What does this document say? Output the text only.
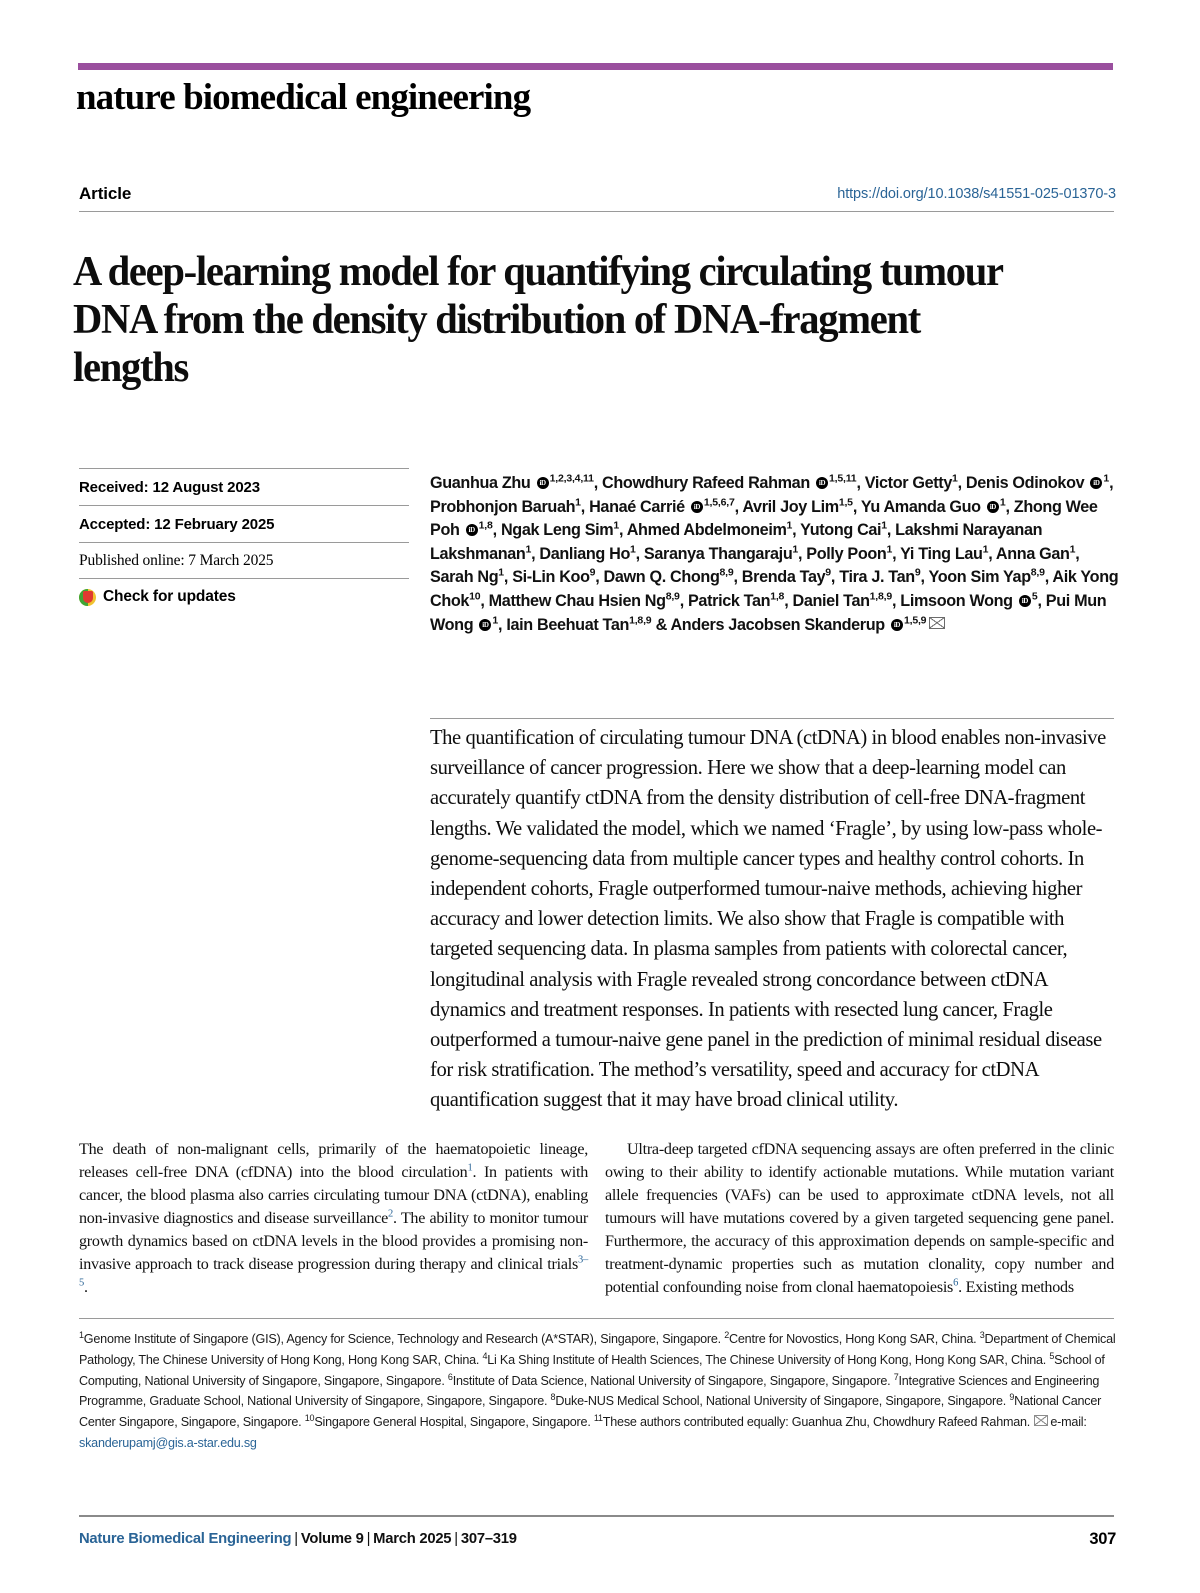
nature biomedical engineering
Article	https://doi.org/10.1038/s41551-025-01370-3
A deep-learning model for quantifying circulating tumour DNA from the density distribution of DNA-fragment lengths
Received: 12 August 2023
Accepted: 12 February 2025
Published online: 7 March 2025
Check for updates
Guanhua Zhu iD$^{1,2,3,4,11}$, Chowdhury Rafeed Rahman iD$^{1,5,11}$, Victor Getty$^1$, Denis Odinokov $iD^1$, Probhonjon Baruah$^1$, Hanaé Carrié iD$^{1,5,6,7}$, Avril Joy Lim$^{1,5}$, Yu Amanda Guo $iD^1$, Zhong Wee Poh iD$^{1,8}$, Ngak Leng Sim$^1$, Ahmed Abdelmoneim$^1$, Yutong Cai$^1$, Lakshmi Narayanan Lakshmanan$^1$, Danliang Ho$^1$, Saranya Thangaraju$^1$, Polly Poon$^1$, Yi Ting Lau$^1$, Anna Gan$^1$, Sarah Ng$^1$, Si-Lin Koo$^9$, Dawn Q. Chong$^{8,9}$, Brenda Tay$^9$, Tira J. Tan$^9$, Yoon Sim Yap$^{8,9}$, Aik Yong Chok$^{10}$, Matthew Chau Hsien Ng$^{8,9}$, Patrick Tan$^{1,8}$, Daniel Tan$^{1,8,9}$, Limsoon Wong $iD^5$, Pui Mun Wong $iD^1$, Iain Beehuat Tan$^{1,8,9}$ & Anders Jacobsen Skanderup iD$^{1,5,9}$
The quantification of circulating tumour DNA (ctDNA) in blood enables non-invasive surveillance of cancer progression. Here we show that a deep-learning model can accurately quantify ctDNA from the density distribution of cell-free DNA-fragment lengths. We validated the model, which we named ‘Fragle’, by using low-pass whole-genome-sequencing data from multiple cancer types and healthy control cohorts. In independent cohorts, Fragle outperformed tumour-naive methods, achieving higher accuracy and lower detection limits. We also show that Fragle is compatible with targeted sequencing data. In plasma samples from patients with colorectal cancer, longitudinal analysis with Fragle revealed strong concordance between ctDNA dynamics and treatment responses. In patients with resected lung cancer, Fragle outperformed a tumour-naive gene panel in the prediction of minimal residual disease for risk stratification. The method’s versatility, speed and accuracy for ctDNA quantification suggest that it may have broad clinical utility.

The death of non-malignant cells, primarily of the haematopoietic lineage, releases cell-free DNA (cfDNA) into the blood circulation$^1$. In patients with cancer, the blood plasma also carries circulating tumour DNA (ctDNA), enabling non-invasive diagnostics and disease surveillance$^2$. The ability to monitor tumour growth dynamics based on ctDNA levels in the blood provides a promising non-invasive approach to track disease progression during therapy and clinical trials$^{3-5}$.

Ultra-deep targeted cfDNA sequencing assays are often preferred in the clinic owing to their ability to identify actionable mutations. While mutation variant allele frequencies (VAFs) can be used to approximate ctDNA levels, not all tumours will have mutations covered by a given targeted sequencing gene panel. Furthermore, the accuracy of this approximation depends on sample-specific and treatment-dynamic properties such as mutation clonality, copy number and potential confounding noise from clonal haematopoiesis$^6$. Existing methods

$^1$Genome Institute of Singapore (GIS), Agency for Science, Technology and Research (A*STAR), Singapore, Singapore. $^2$Centre for Novostics, Hong Kong SAR, China. $^3$Department of Chemical Pathology, The Chinese University of Hong Kong, Hong Kong SAR, China. $^4$Li Ka Shing Institute of Health Sciences, The Chinese University of Hong Kong, Hong Kong SAR, China. $^5$School of Computing, National University of Singapore, Singapore, Singapore. $^6$Institute of Data Science, National University of Singapore, Singapore, Singapore. $^7$Integrative Sciences and Engineering Programme, Graduate School, National University of Singapore, Singapore, Singapore. $^8$Duke-NUS Medical School, National University of Singapore, Singapore, Singapore. $^9$National Cancer Center Singapore, Singapore, Singapore. $^{10}$Singapore General Hospital, Singapore, Singapore. $^{11}$These authors contributed equally: Guanhua Zhu, Chowdhury Rafeed Rahman. e-mail: skanderupamj@gis.a-star.edu.sg
Nature Biomedical Engineering | Volume 9 | March 2025 | 307–319	307
